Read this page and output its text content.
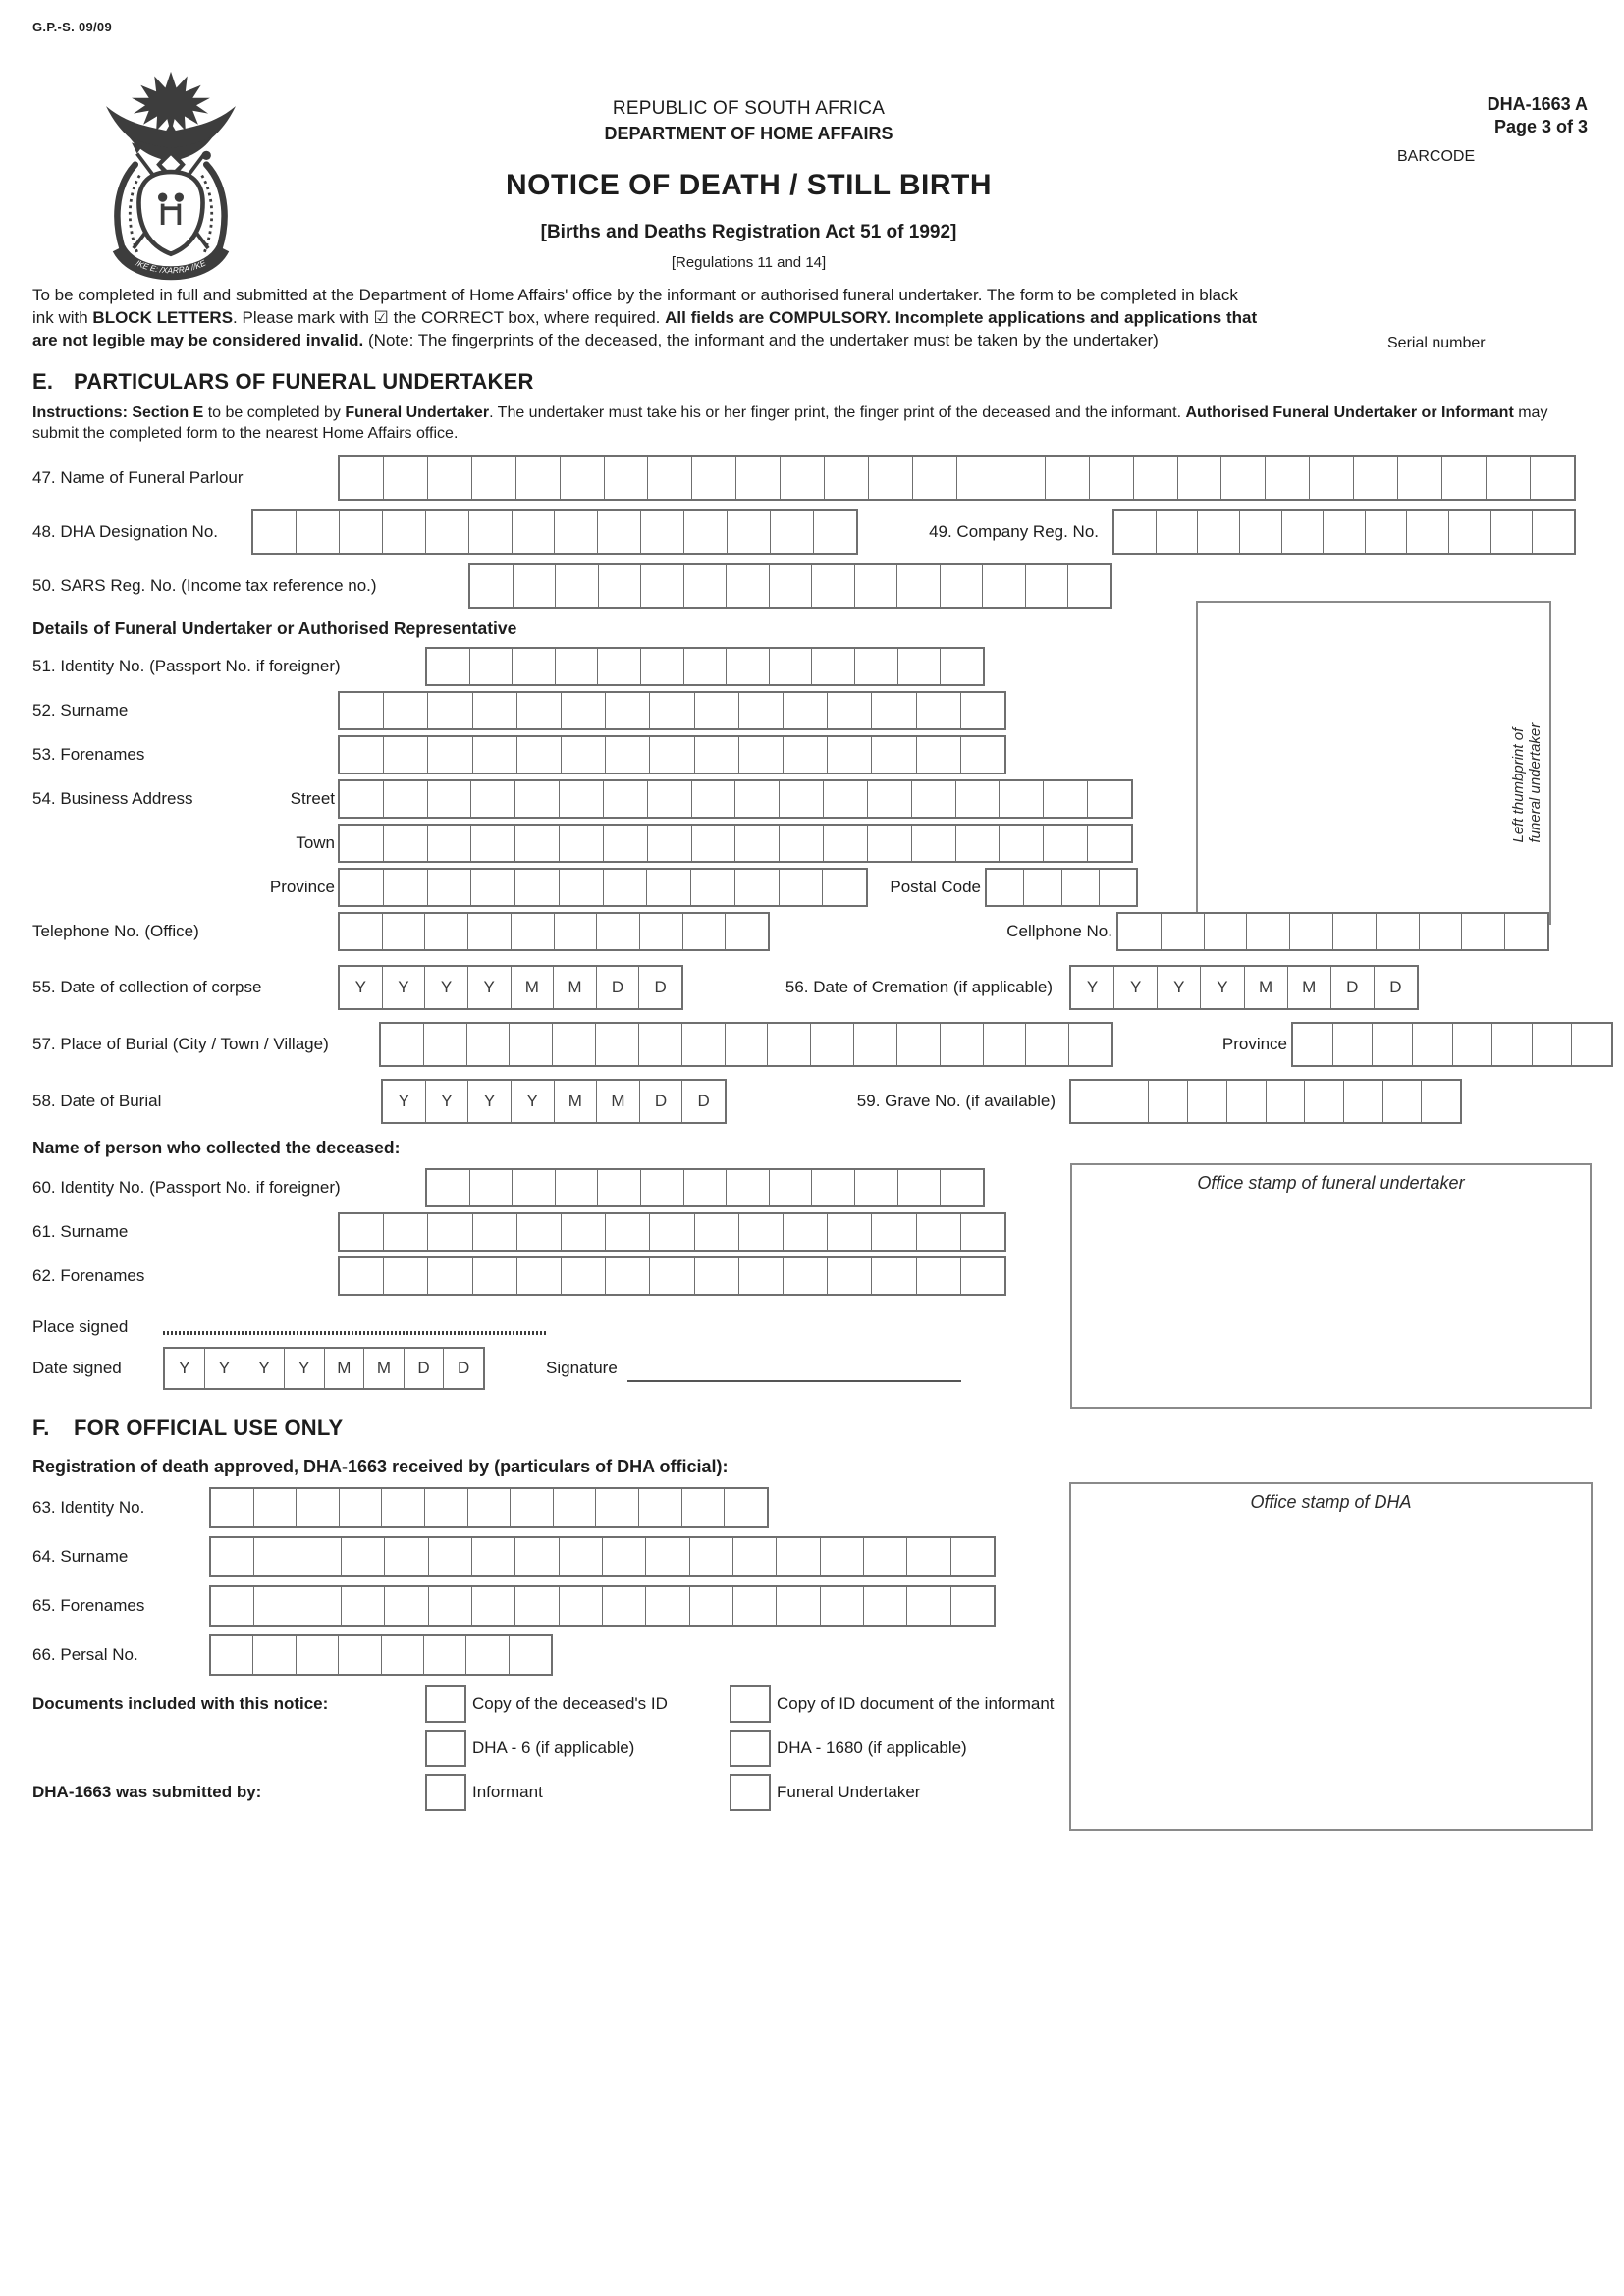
!KE E: /XARRA //KE
REPUBLIC OF SOUTH AFRICA
DEPARTMENT OF HOME AFFAIRS
NOTICE OF DEATH / STILL BIRTH
[Births and Deaths Registration Act 51 of 1992]
[Regulations 11 and 14]
DHA-1663 A
Page 3 of 3
BARCODE
Left thumbprint of funeral undertaker
Office stamp of funeral undertaker
Office stamp of DHA
G.P.-S. 09/09
To be completed in full and submitted at the Department of Home Affairs' office by the informant or authorised funeral undertaker. The form to be completed in black ink with BLOCK LETTERS. Please mark with ☑ the CORRECT box, where required. All fields are COMPULSORY. Incomplete applications and applications that are not legible may be considered invalid. (Note: The fingerprints of the deceased, the informant and the undertaker must be taken by the undertaker)	Serial number
E. PARTICULARS OF FUNERAL UNDERTAKER
Instructions: Section E to be completed by Funeral Undertaker. The undertaker must take his or her finger print, the finger print of the deceased and the informant. Authorised Funeral Undertaker or Informant may submit the completed form to the nearest Home Affairs office.
47. Name of Funeral Parlour
48. DHA Designation No.	49. Company Reg. No.
50. SARS Reg. No. (Income tax reference no.)
Details of Funeral Undertaker or Authorised Representative
51. Identity No. (Passport No. if foreigner)
52. Surname
53. Forenames
54. Business Address	Street
Town
Province	Postal Code
Telephone No. (Office)	Cellphone No.
55. Date of collection of corpse	Y	Y	Y	Y	M	M	D	D	56. Date of Cremation (if applicable)	Y	Y	Y	Y	M	M	D	D
57. Place of Burial (City / Town / Village)	Province
58. Date of Burial	Y	Y	Y	Y	M	M	D	D	59. Grave No. (if available)
Name of person who collected the deceased:
60. Identity No. (Passport No. if foreigner)
61. Surname
62. Forenames
Place signed
Date signed	Y	Y	Y	Y	M	M	D	D	Signature
F.	FOR OFFICIAL USE ONLY
Registration of death approved, DHA-1663 received by (particulars of DHA official):
63. Identity No.
64. Surname
65. Forenames
66. Persal No.
Documents included with this notice:	Copy of the deceased's ID	Copy of ID document of the informant
DHA - 6 (if applicable)	DHA - 1680 (if applicable)
DHA-1663 was submitted by:	Informant	Funeral Undertaker
